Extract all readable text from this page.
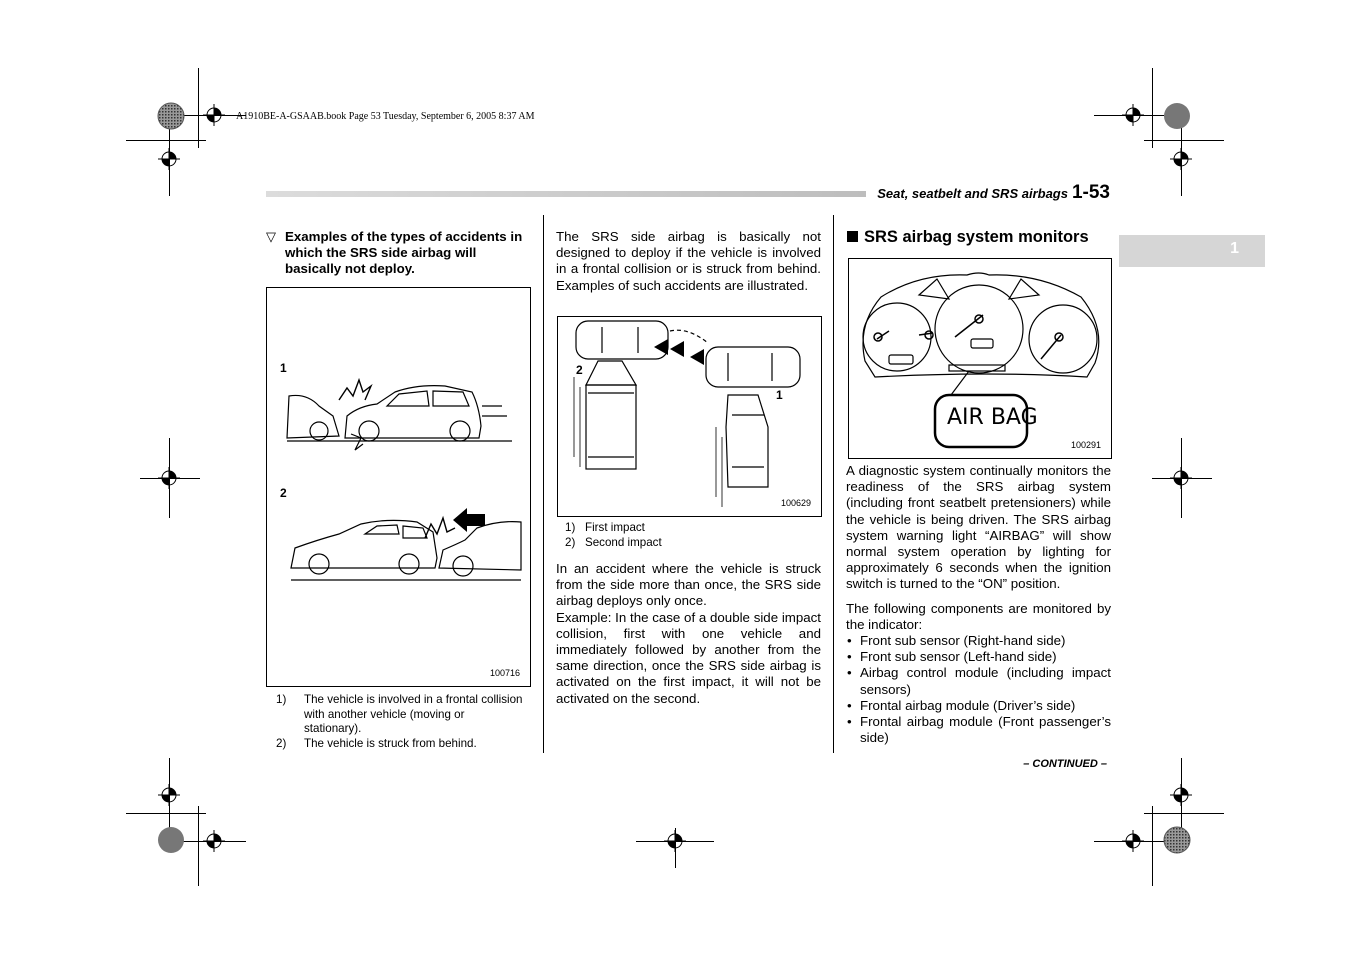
A1910BE-A-GSAAB.book Page 53 Tuesday, September 6, 2005 8:37 AM
Seat, seatbelt and SRS airbags 1-53
1
▽ Examples of the types of accidents in which the SRS side airbag will basically not deploy.
1
2
100716
1) The vehicle is involved in a frontal collision with another vehicle (moving or stationary).
2) The vehicle is struck from behind.
The SRS side airbag is basically not designed to deploy if the vehicle is involved in a frontal collision or is struck from behind. Examples of such accidents are illustrated.
2
1
100629
1) First impact
2) Second impact
In an accident where the vehicle is struck from the side more than once, the SRS side airbag deploys only once.
Example: In the case of a double side impact collision, first with one vehicle and immediately followed by another from the same direction, once the SRS side airbag is activated on the first impact, it will not be activated on the second.
SRS airbag system monitors
AIR BAG
100291
A diagnostic system continually monitors the readiness of the SRS airbag system (including front seatbelt pretensioners) while the vehicle is being driven. The SRS airbag system warning light “AIRBAG” will show normal system operation by lighting for approximately 6 seconds when the ignition switch is turned to the “ON” position.
The following components are monitored by the indicator:
• Front sub sensor (Right-hand side)
• Front sub sensor (Left-hand side)
• Airbag control module (including impact sensors)
• Frontal airbag module (Driver’s side)
• Frontal airbag module (Front passenger’s side)
– CONTINUED –
